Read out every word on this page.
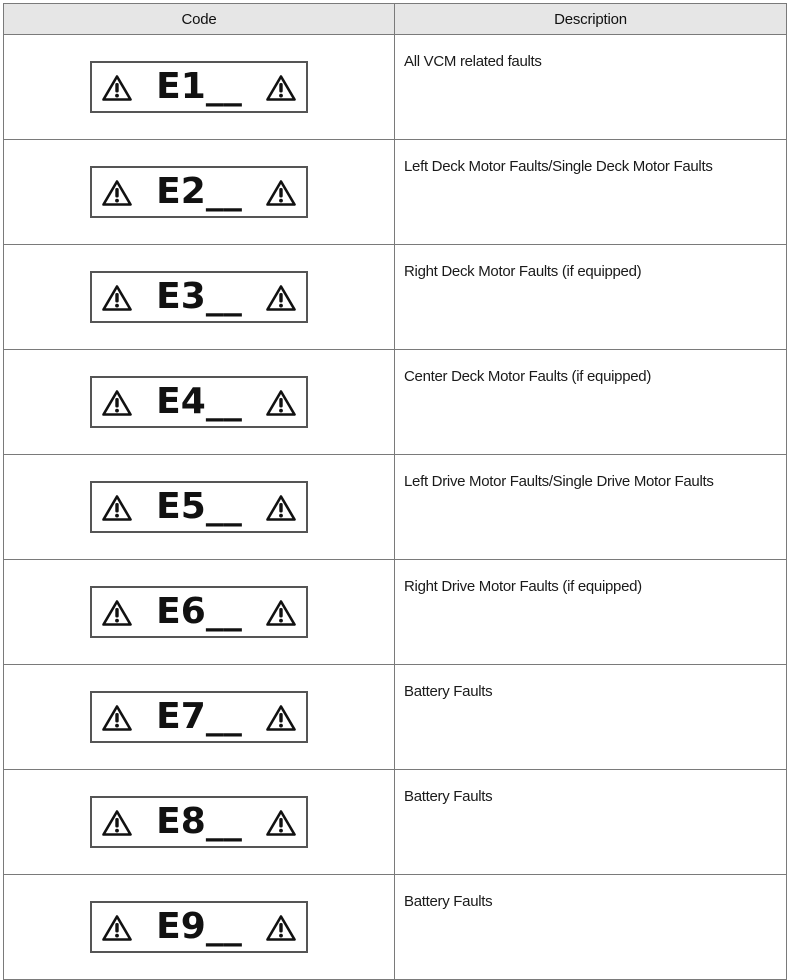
Code	Description

E1__	All VCM related faults

E2__	Left Deck Motor Faults/Single Deck Motor Faults

E3__	Right Deck Motor Faults (if equipped)

E4__	Center Deck Motor Faults (if equipped)

E5__	Left Drive Motor Faults/Single Drive Motor Faults

E6__	Right Drive Motor Faults (if equipped)

E7__	Battery Faults

E8__	Battery Faults

E9__	Battery Faults
